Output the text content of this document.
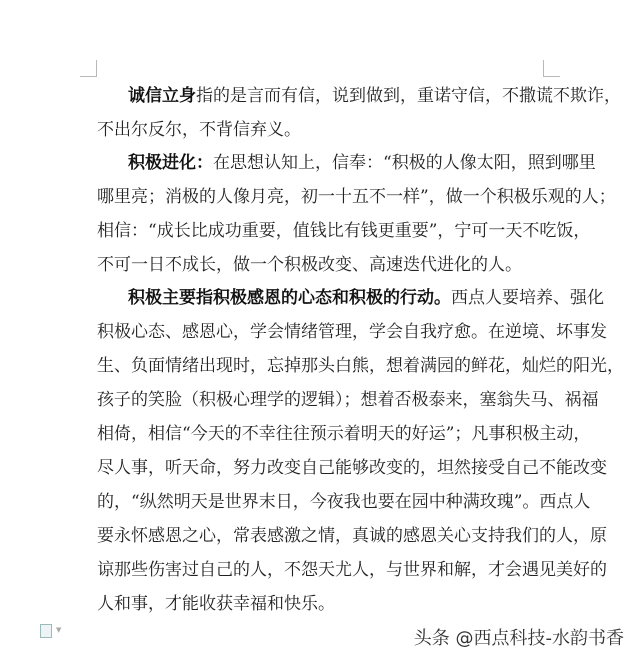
诚信立身指的是言而有信，说到做到，重诺守信，不撒谎不欺诈，
不出尔反尔，不背信弃义。
积极进化：在思想认知上，信奉：“积极的人像太阳，照到哪里
哪里亮；消极的人像月亮，初一十五不一样”，做一个积极乐观的人；
相信：“成长比成功重要，值钱比有钱更重要”，宁可一天不吃饭，
不可一日不成长，做一个积极改变、高速迭代进化的人。
积极主要指积极感恩的心态和积极的行动。西点人要培养、强化
积极心态、感恩心，学会情绪管理，学会自我疗愈。在逆境、坏事发
生、负面情绪出现时，忘掉那头白熊，想着满园的鲜花，灿烂的阳光，
孩子的笑脸（积极心理学的逻辑）；想着否极泰来，塞翁失马、祸福
相倚，相信“今天的不幸往往预示着明天的好运”；凡事积极主动，
尽人事，听天命，努力改变自己能够改变的，坦然接受自己不能改变
的，“纵然明天是世界末日，今夜我也要在园中种满玫瑰”。西点人
要永怀感恩之心，常表感激之情，真诚的感恩关心支持我们的人，原
谅那些伤害过自己的人，不怨天尤人，与世界和解，才会遇见美好的
人和事，才能收获幸福和快乐。
▼	头条 @西点科技-水韵书香
